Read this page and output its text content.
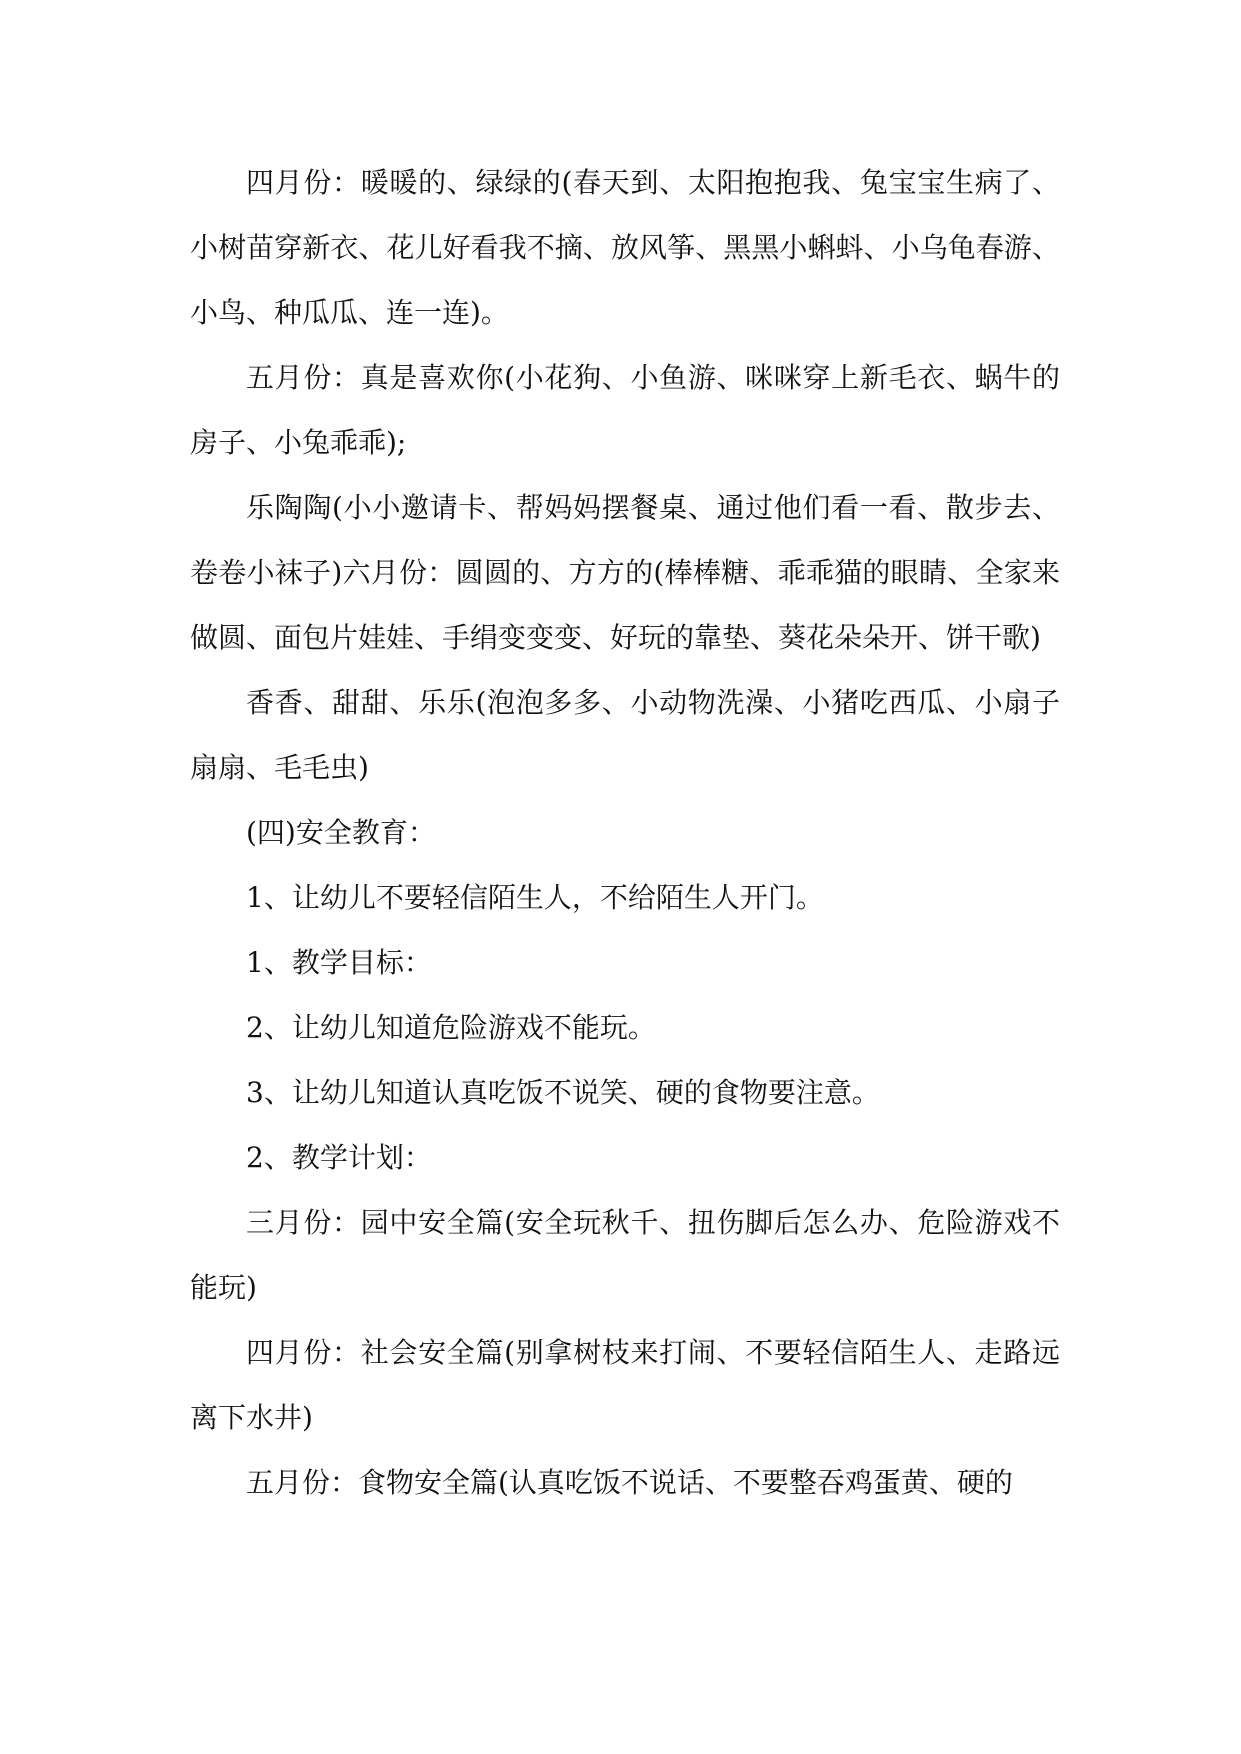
四月份：暖暖的、绿绿的(春天到、太阳抱抱我、兔宝宝生病了、小树苗穿新衣、花儿好看我不摘、放风筝、黑黑小蝌蚪、小乌龟春游、小鸟、种瓜瓜、连一连)。

五月份：真是喜欢你(小花狗、小鱼游、咪咪穿上新毛衣、蜗牛的房子、小兔乖乖);

乐陶陶(小小邀请卡、帮妈妈摆餐桌、通过他们看一看、散步去、卷卷小袜子)六月份：圆圆的、方方的(棒棒糖、乖乖猫的眼睛、全家来做圆、面包片娃娃、手绢变变变、好玩的靠垫、葵花朵朵开、饼干歌)

香香、甜甜、乐乐(泡泡多多、小动物洗澡、小猪吃西瓜、小扇子扇扇、毛毛虫)

(四)安全教育：

1、让幼儿不要轻信陌生人，不给陌生人开门。

1、教学目标：

2、让幼儿知道危险游戏不能玩。

3、让幼儿知道认真吃饭不说笑、硬的食物要注意。

2、教学计划：

三月份：园中安全篇(安全玩秋千、扭伤脚后怎么办、危险游戏不能玩)

四月份：社会安全篇(别拿树枝来打闹、不要轻信陌生人、走路远离下水井)

五月份：食物安全篇(认真吃饭不说话、不要整吞鸡蛋黄、硬的
